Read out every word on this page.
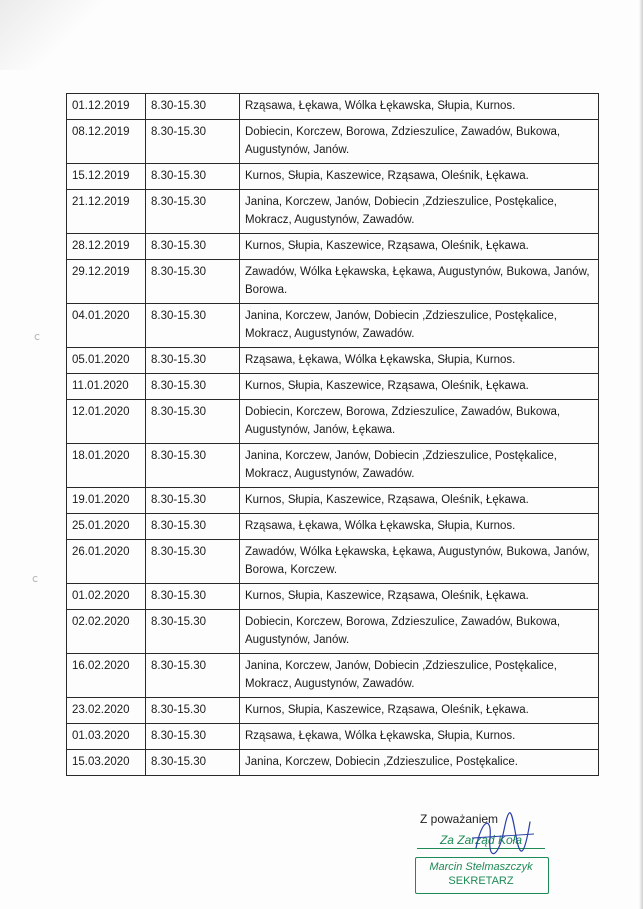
ⅽ
ⅽ
01.12.2019	8.30-15.30	Rząsawa, Łękawa, Wólka Łękawska, Słupia, Kurnos.
08.12.2019	8.30-15.30	Dobiecin, Korczew, Borowa, Zdzieszulice, Zawadów, Bukowa, Augustynów, Janów.
15.12.2019	8.30-15.30	Kurnos, Słupia, Kaszewice, Rząsawa, Oleśnik, Łękawa.
21.12.2019	8.30-15.30	Janina, Korczew, Janów, Dobiecin ,Zdzieszulice, Postękalice, Mokracz, Augustynów, Zawadów.
28.12.2019	8.30-15.30	Kurnos, Słupia, Kaszewice, Rząsawa, Oleśnik, Łękawa.
29.12.2019	8.30-15.30	Zawadów, Wólka Łękawska, Łękawa, Augustynów, Bukowa, Janów, Borowa.
04.01.2020	8.30-15.30	Janina, Korczew, Janów, Dobiecin ,Zdzieszulice, Postękalice, Mokracz, Augustynów, Zawadów.
05.01.2020	8.30-15.30	Rząsawa, Łękawa, Wólka Łękawska, Słupia, Kurnos.
11.01.2020	8.30-15.30	Kurnos, Słupia, Kaszewice, Rząsawa, Oleśnik, Łękawa.
12.01.2020	8.30-15.30	Dobiecin, Korczew, Borowa, Zdzieszulice, Zawadów, Bukowa, Augustynów, Janów, Łękawa.
18.01.2020	8.30-15.30	Janina, Korczew, Janów, Dobiecin ,Zdzieszulice, Postękalice, Mokracz, Augustynów, Zawadów.
19.01.2020	8.30-15.30	Kurnos, Słupia, Kaszewice, Rząsawa, Oleśnik, Łękawa.
25.01.2020	8.30-15.30	Rząsawa, Łękawa, Wólka Łękawska, Słupia, Kurnos.
26.01.2020	8.30-15.30	Zawadów, Wólka Łękawska, Łękawa, Augustynów, Bukowa, Janów, Borowa, Korczew.
01.02.2020	8.30-15.30	Kurnos, Słupia, Kaszewice, Rząsawa, Oleśnik, Łękawa.
02.02.2020	8.30-15.30	Dobiecin, Korczew, Borowa, Zdzieszulice, Zawadów, Bukowa, Augustynów, Janów.
16.02.2020	8.30-15.30	Janina, Korczew, Janów, Dobiecin ,Zdzieszulice, Postękalice, Mokracz, Augustynów, Zawadów.
23.02.2020	8.30-15.30	Kurnos, Słupia, Kaszewice, Rząsawa, Oleśnik, Łękawa.
01.03.2020	8.30-15.30	Rząsawa, Łękawa, Wólka Łękawska, Słupia, Kurnos.
15.03.2020	8.30-15.30	Janina, Korczew, Dobiecin ,Zdzieszulice, Postękalice.
Z poważaniem
Za Zarząd Koła
Marcin Stelmaszczyk
SEKRETARZ
